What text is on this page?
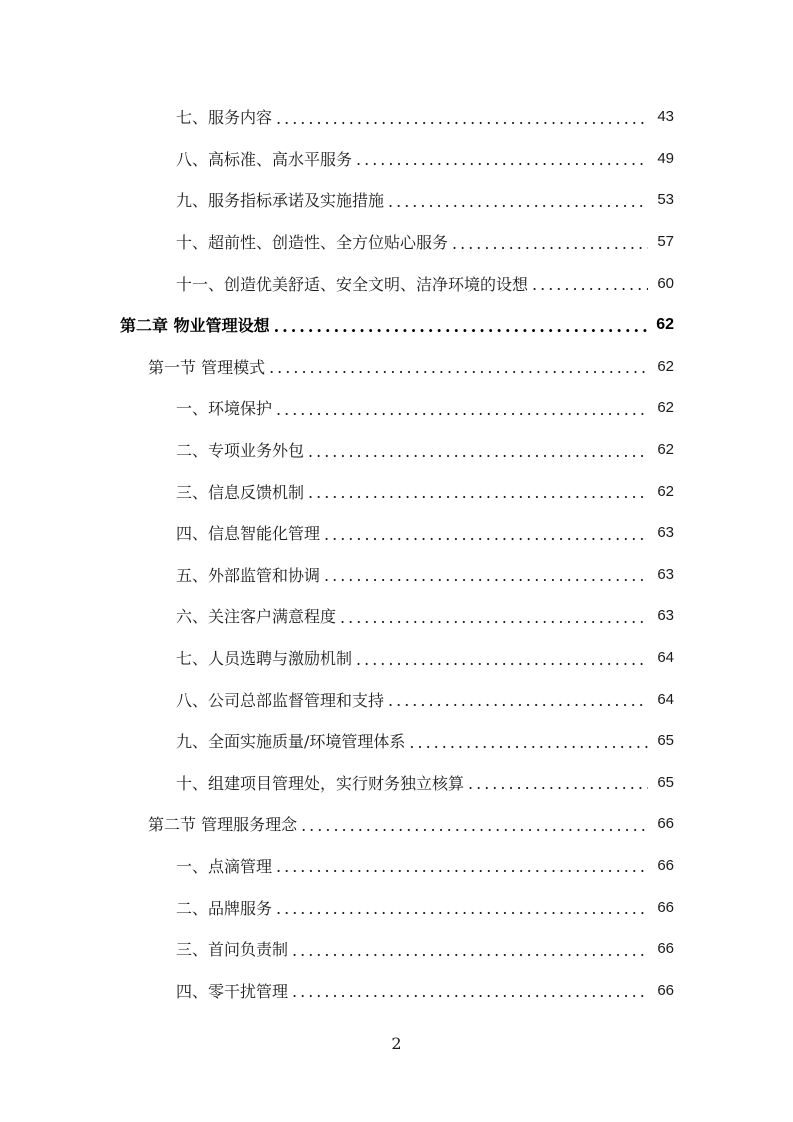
七、服务内容 .....	43
八、高标准、高水平服务 .....	49
九、服务指标承诺及实施措施 .....	53
十、超前性、创造性、全方位贴心服务 .....	57
十一、创造优美舒适、安全文明、洁净环境的设想 .....	60
第二章 物业管理设想 .....	62
第一节 管理模式 .....	62
一、环境保护 .....	62
二、专项业务外包 .....	62
三、信息反馈机制 .....	62
四、信息智能化管理 .....	63
五、外部监管和协调 .....	63
六、关注客户满意程度 .....	63
七、人员选聘与激励机制 .....	64
八、公司总部监督管理和支持 .....	64
九、全面实施质量/环境管理体系 .....	65
十、组建项目管理处，实行财务独立核算 .....	65
第二节 管理服务理念 .....	66
一、点滴管理 .....	66
二、品牌服务 .....	66
三、首问负责制 .....	66
四、零干扰管理 .....	66
2
